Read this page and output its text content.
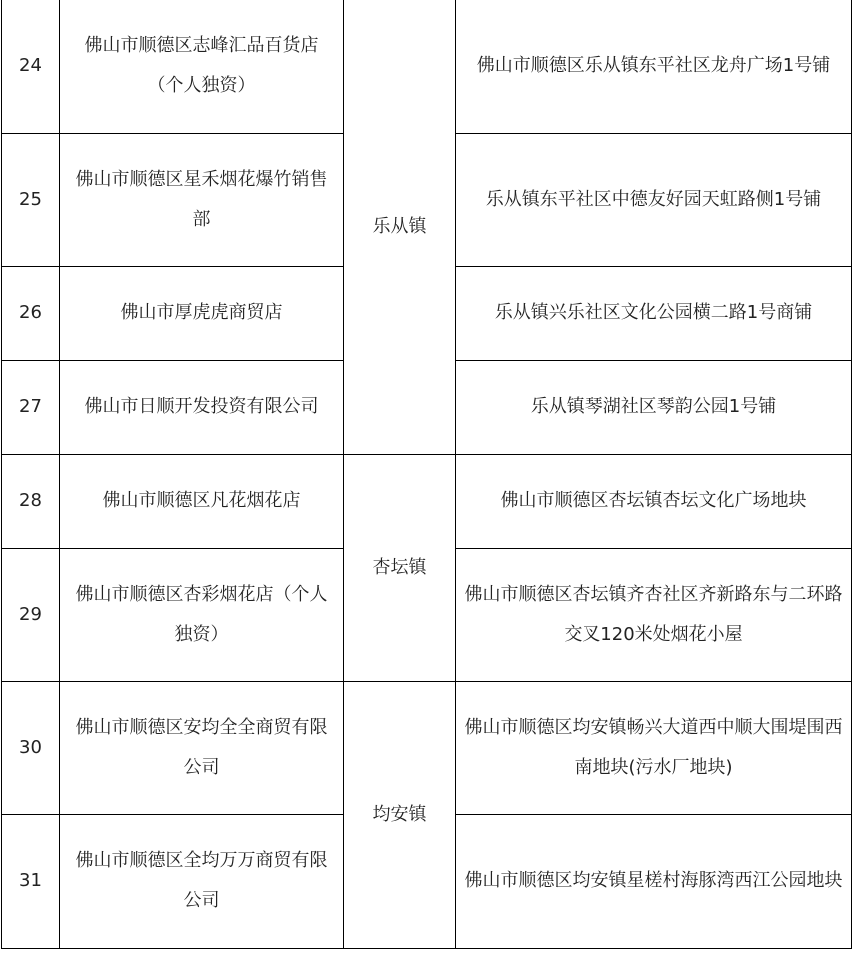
24	佛山市顺德区志峰汇品百货店（个人独资）	乐从镇	佛山市顺德区乐从镇东平社区龙舟广场1号铺
25	佛山市顺德区星禾烟花爆竹销售部		乐从镇东平社区中德友好园天虹路侧1号铺
26	佛山市厚虎虎商贸店		乐从镇兴乐社区文化公园横二路1号商铺
27	佛山市日顺开发投资有限公司		乐从镇琴湖社区琴韵公园1号铺
28	佛山市顺德区凡花烟花店	杏坛镇	佛山市顺德区杏坛镇杏坛文化广场地块
29	佛山市顺德区杏彩烟花店（个人独资）		佛山市顺德区杏坛镇齐杏社区齐新路东与二环路交叉120米处烟花小屋
30	佛山市顺德区安均全全商贸有限公司	均安镇	佛山市顺德区均安镇畅兴大道西中顺大围堤围西南地块(污水厂地块)
31	佛山市顺德区全均万万商贸有限公司		佛山市顺德区均安镇星槎村海豚湾西江公园地块
